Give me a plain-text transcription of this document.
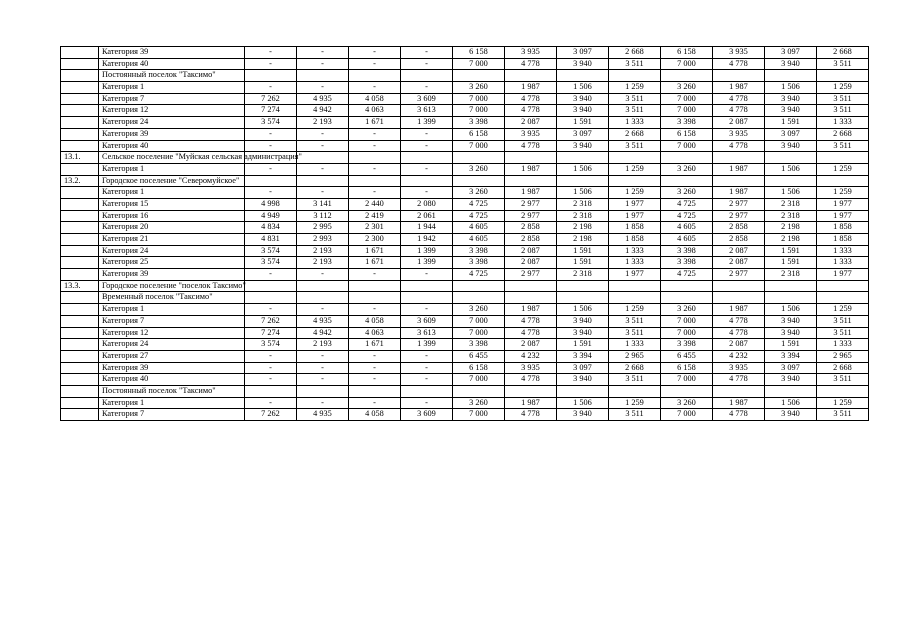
	Категория 39	-	-	-	-	6 158	3 935	3 097	2 668	6 158	3 935	3 097	2 668
	Категория 40	-	-	-	-	7 000	4 778	3 940	3 511	7 000	4 778	3 940	3 511
	Постоянный поселок "Таксимо"												
	Категория 1	-	-	-	-	3 260	1 987	1 506	1 259	3 260	1 987	1 506	1 259
	Категория 7	7 262	4 935	4 058	3 609	7 000	4 778	3 940	3 511	7 000	4 778	3 940	3 511
	Категория 12	7 274	4 942	4 063	3 613	7 000	4 778	3 940	3 511	7 000	4 778	3 940	3 511
	Категория 24	3 574	2 193	1 671	1 399	3 398	2 087	1 591	1 333	3 398	2 087	1 591	1 333
	Категория 39	-	-	-	-	6 158	3 935	3 097	2 668	6 158	3 935	3 097	2 668
	Категория 40	-	-	-	-	7 000	4 778	3 940	3 511	7 000	4 778	3 940	3 511
13.1.	Сельское поселение "Муйская сельская администрация"												
	Категория 1	-	-	-	-	3 260	1 987	1 506	1 259	3 260	1 987	1 506	1 259
13.2.	Городское поселение "Северомуйское"												
	Категория 1	-	-	-	-	3 260	1 987	1 506	1 259	3 260	1 987	1 506	1 259
	Категория 15	4 998	3 141	2 440	2 080	4 725	2 977	2 318	1 977	4 725	2 977	2 318	1 977
	Категория 16	4 949	3 112	2 419	2 061	4 725	2 977	2 318	1 977	4 725	2 977	2 318	1 977
	Категория 20	4 834	2 995	2 301	1 944	4 605	2 858	2 198	1 858	4 605	2 858	2 198	1 858
	Категория 21	4 831	2 993	2 300	1 942	4 605	2 858	2 198	1 858	4 605	2 858	2 198	1 858
	Категория 24	3 574	2 193	1 671	1 399	3 398	2 087	1 591	1 333	3 398	2 087	1 591	1 333
	Категория 25	3 574	2 193	1 671	1 399	3 398	2 087	1 591	1 333	3 398	2 087	1 591	1 333
	Категория 39	-	-	-	-	4 725	2 977	2 318	1 977	4 725	2 977	2 318	1 977
13.3.	Городское поселение "поселок Таксимо"												
	Временный поселок "Таксимо"												
	Категория 1	-	-	-	-	3 260	1 987	1 506	1 259	3 260	1 987	1 506	1 259
	Категория 7	7 262	4 935	4 058	3 609	7 000	4 778	3 940	3 511	7 000	4 778	3 940	3 511
	Категория 12	7 274	4 942	4 063	3 613	7 000	4 778	3 940	3 511	7 000	4 778	3 940	3 511
	Категория 24	3 574	2 193	1 671	1 399	3 398	2 087	1 591	1 333	3 398	2 087	1 591	1 333
	Категория 27	-	-	-	-	6 455	4 232	3 394	2 965	6 455	4 232	3 394	2 965
	Категория 39	-	-	-	-	6 158	3 935	3 097	2 668	6 158	3 935	3 097	2 668
	Категория 40	-	-	-	-	7 000	4 778	3 940	3 511	7 000	4 778	3 940	3 511
	Постоянный поселок "Таксимо"												
	Категория 1	-	-	-	-	3 260	1 987	1 506	1 259	3 260	1 987	1 506	1 259
	Категория 7	7 262	4 935	4 058	3 609	7 000	4 778	3 940	3 511	7 000	4 778	3 940	3 511
